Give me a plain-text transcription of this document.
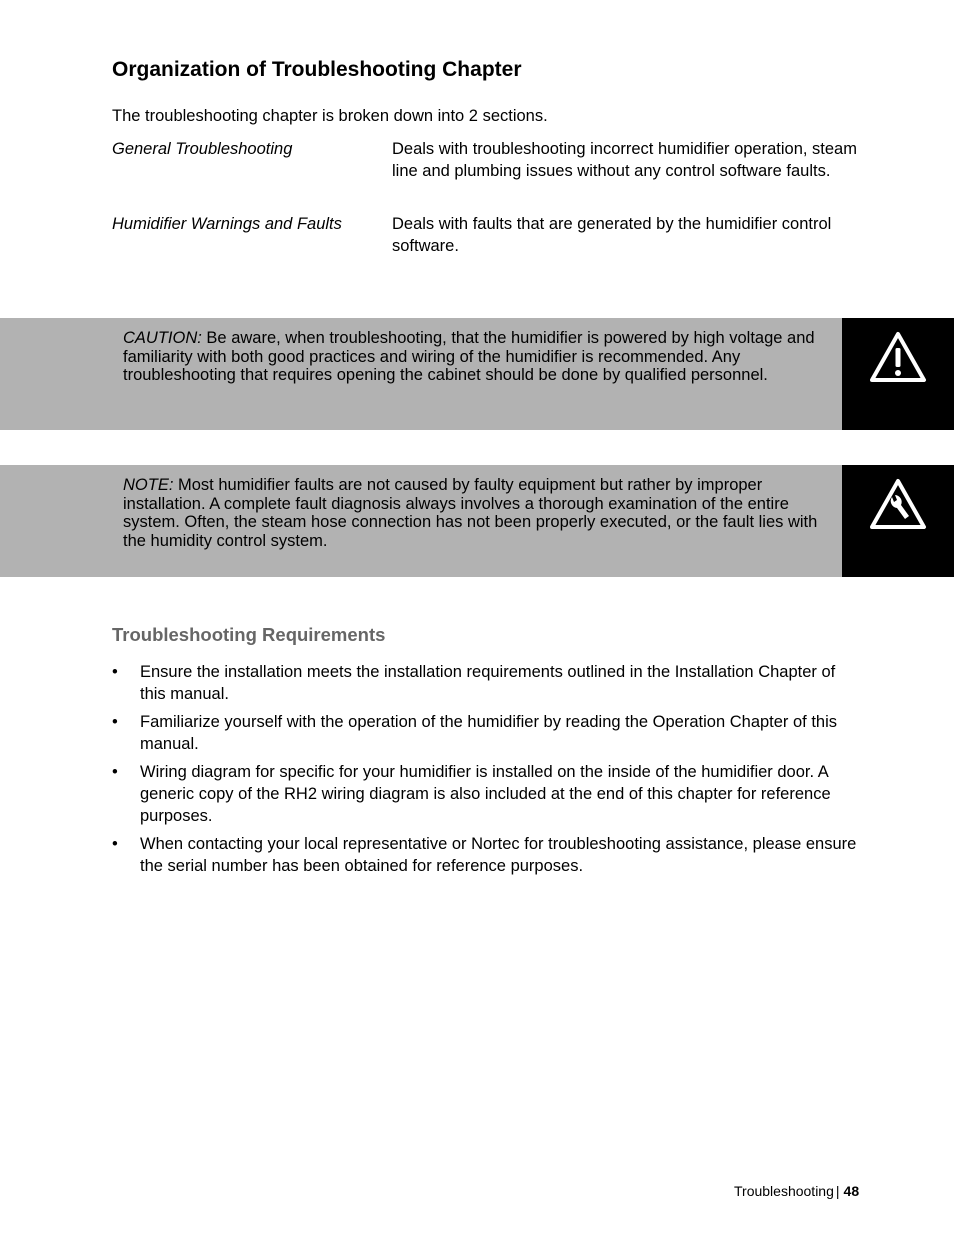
Organization of Troubleshooting Chapter
The troubleshooting chapter is broken down into 2 sections.
General Troubleshooting	Deals with troubleshooting incorrect humidifier operation, steam line and plumbing issues without any control software faults.
Humidifier Warnings and Faults	Deals with faults that are generated by the humidifier control software.
CAUTION: Be aware, when troubleshooting, that the humidifier is powered by high voltage and familiarity with both good practices and wiring of the humidifier is recommended. Any troubleshooting that requires opening the cabinet should be done by qualified personnel.
NOTE: Most humidifier faults are not caused by faulty equipment but rather by improper installation. A complete fault diagnosis always involves a thorough examination of the entire system. Often, the steam hose connection has not been properly executed, or the fault lies with the humidity control system.
Troubleshooting Requirements
• Ensure the installation meets the installation requirements outlined in the Installation Chapter of this manual.
• Familiarize yourself with the operation of the humidifier by reading the Operation Chapter of this manual.
• Wiring diagram for specific for your humidifier is installed on the inside of the humidifier door. A generic copy of the RH2 wiring diagram is also included at the end of this chapter for reference purposes.
• When contacting your local representative or Nortec for troubleshooting assistance, please ensure the serial number has been obtained for reference purposes.
Troubleshooting | 48
